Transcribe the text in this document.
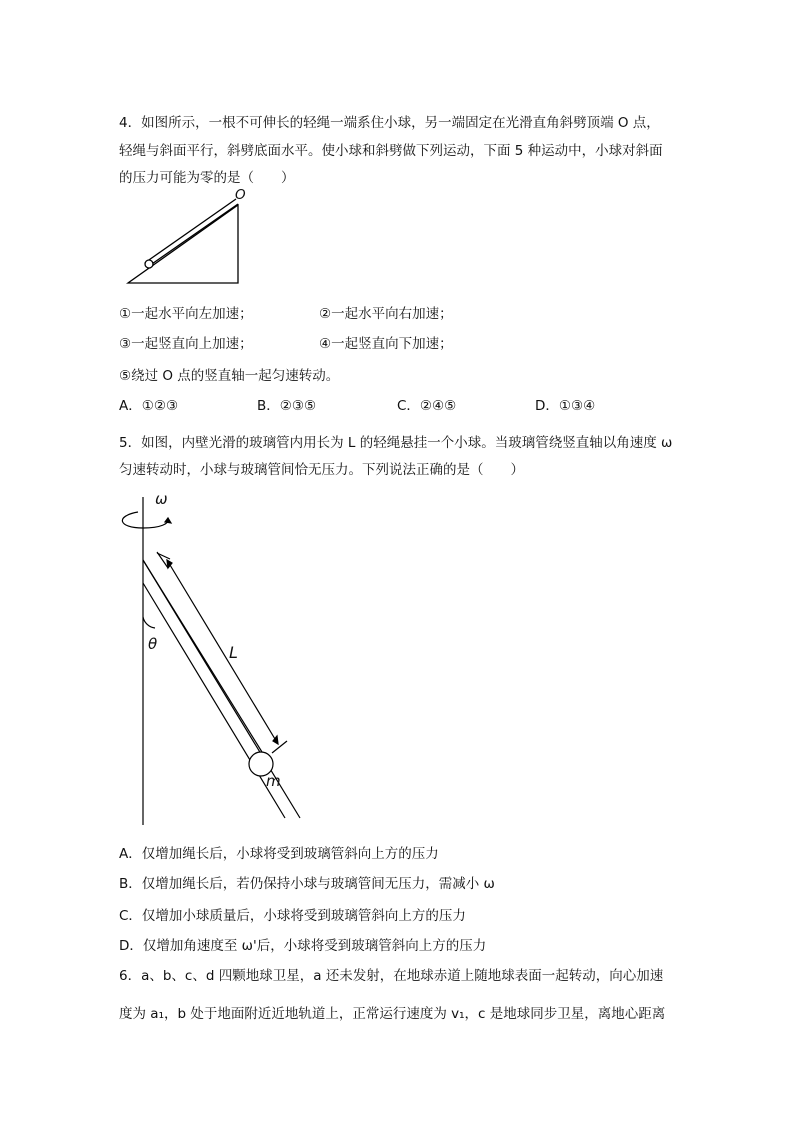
4．如图所示，一根不可伸长的轻绳一端系住小球，另一端固定在光滑直角斜劈顶端 O 点，
轻绳与斜面平行，斜劈底面水平。使小球和斜劈做下列运动，下面 5 种运动中，小球对斜面
的压力可能为零的是（　　）
O
ω
θ	L
m
①一起水平向左加速；	②一起水平向右加速；
③一起竖直向上加速；	④一起竖直向下加速；
⑤绕过 O 点的竖直轴一起匀速转动。
A．①②③	B．②③⑤	C．②④⑤	D．①③④
5．如图，内壁光滑的玻璃管内用长为 L 的轻绳悬挂一个小球。当玻璃管绕竖直轴以角速度 ω
匀速转动时，小球与玻璃管间恰无压力。下列说法正确的是（　　）
A．仅增加绳长后，小球将受到玻璃管斜向上方的压力
B．仅增加绳长后，若仍保持小球与玻璃管间无压力，需减小 ω
C．仅增加小球质量后，小球将受到玻璃管斜向上方的压力
D．仅增加角速度至 ω'后，小球将受到玻璃管斜向上方的压力
6．a、b、c、d 四颗地球卫星，a 还未发射，在地球赤道上随地球表面一起转动，向心加速
度为 a₁，b 处于地面附近近地轨道上，正常运行速度为 v₁，c 是地球同步卫星，离地心距离
